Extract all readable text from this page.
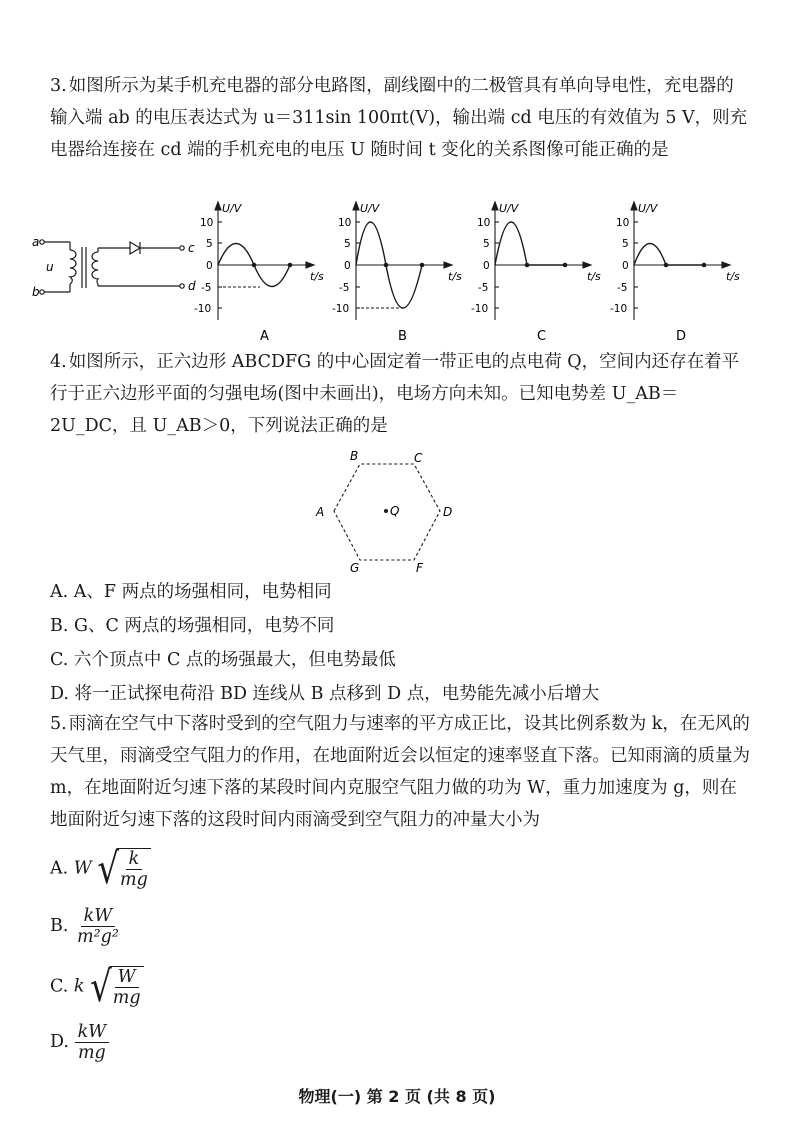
3. 如图所示为某手机充电器的部分电路图，副线圈中的二极管具有单向导电性，充电器的输入端 ab 的电压表达式为 u＝311sin 100πt(V)，输出端 cd 电压的有效值为 5 V，则充电器给连接在 cd 端的手机充电的电压 U 随时间 t 变化的关系图像可能正确的是

a
b
u
c
d
U/V
t/s
10
5
0
-5
-10
A
U/V
t/s
10
5
0
-5
-10
B
U/V
t/s
10
5
0
-5
-10
C
U/V
t/s
10
5
0
-5
-10
D

4. 如图所示，正六边形 ABCDFG 的中心固定着一带正电的点电荷 Q，空间内还存在着平行于正六边形平面的匀强电场(图中未画出)，电场方向未知。已知电势差 U_AB＝2U_DC，且 U_AB＞0，下列说法正确的是

A
B	C
D
F
G
Q
A. A、F 两点的场强相同，电势相同
B. G、C 两点的场强相同，电势不同
C. 六个顶点中 C 点的场强最大，但电势最低
D. 将一正试探电荷沿 BD 连线从 B 点移到 D 点，电势能先减小后增大

5. 雨滴在空气中下落时受到的空气阻力与速率的平方成正比，设其比例系数为 k，在无风的天气里，雨滴受空气阻力的作用，在地面附近会以恒定的速率竖直下落。已知雨滴的质量为 m，在地面附近匀速下落的某段时间内克服空气阻力做的功为 W，重力加速度为 g，则在地面附近匀速下落的这段时间内雨滴受到空气阻力的冲量大小为

A. W √
$\frac{k}{mg}$
B. $\frac{kW}{\text{m²g²}}$
C. k √
$\frac{W}{mg}$
D. $\frac{kW}{mg}$
物理(一) 第 2 页 (共 8 页)
